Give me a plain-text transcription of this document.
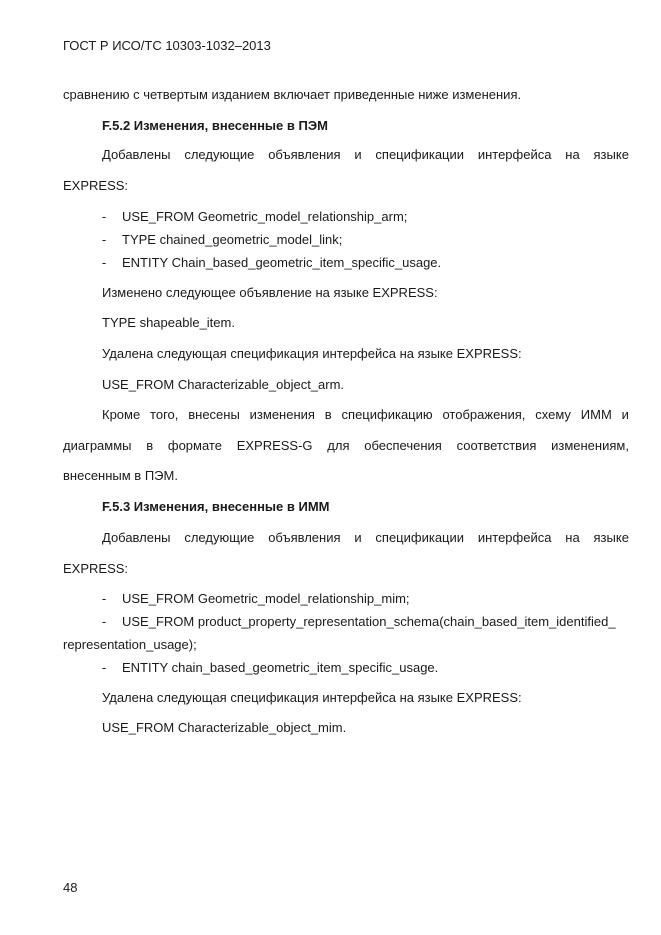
ГОСТ Р ИСО/ТС 10303-1032–2013
сравнению с четвертым изданием включает приведенные ниже изменения.
F.5.2 Изменения, внесенные в ПЭМ
Добавлены следующие объявления и спецификации интерфейса на языке
EXPRESS:
- USE_FROM Geometric_model_relationship_arm;
- TYPE chained_geometric_model_link;
- ENTITY Chain_based_geometric_item_specific_usage.
Изменено следующее объявление на языке EXPRESS:
TYPE shapeable_item.
Удалена следующая спецификация интерфейса на языке EXPRESS:
USE_FROM Characterizable_object_arm.
Кроме того, внесены изменения в спецификацию отображения, схему ИММ и
диаграммы в формате EXPRESS-G для обеспечения соответствия изменениям,
внесенным в ПЭМ.
F.5.3 Изменения, внесенные в ИММ
Добавлены следующие объявления и спецификации интерфейса на языке
EXPRESS:
- USE_FROM Geometric_model_relationship_mim;
- USE_FROM product_property_representation_schema(chain_based_item_identified_
representation_usage);
- ENTITY chain_based_geometric_item_specific_usage.
Удалена следующая спецификация интерфейса на языке EXPRESS:
USE_FROM Characterizable_object_mim.
48
